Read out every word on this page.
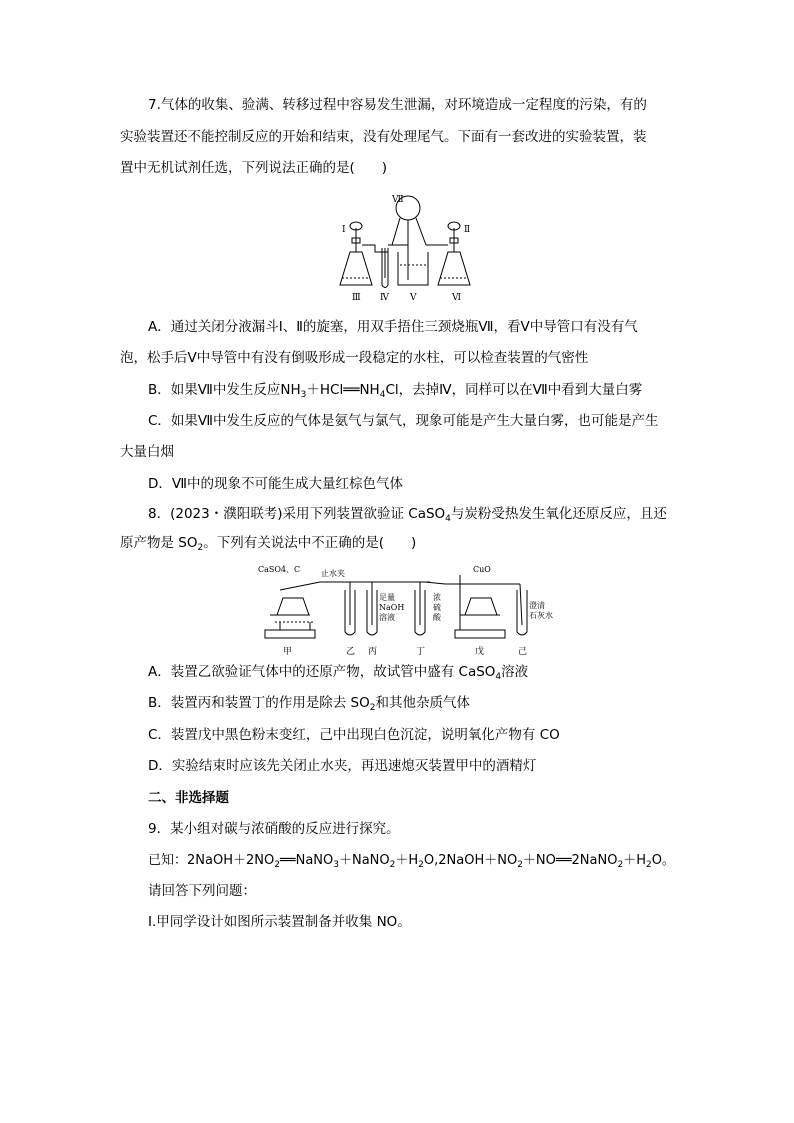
7.气体的收集、验满、转移过程中容易发生泄漏，对环境造成一定程度的污染，有的
实验装置还不能控制反应的开始和结束，没有处理尾气。下面有一套改进的实验装置，装
置中无机试剂任选，下列说法正确的是(　　)
Ⅰ
Ⅶ
Ⅱ
Ⅲ Ⅳ Ⅴ	Ⅵ
A．通过关闭分液漏斗Ⅰ、Ⅱ的旋塞，用双手捂住三颈烧瓶Ⅶ，看Ⅴ中导管口有没有气
泡，松手后Ⅴ中导管中有没有倒吸形成一段稳定的水柱，可以检查装置的气密性
B．如果Ⅶ中发生反应$NH_3+HCl══NH_4Cl$，去掉Ⅳ，同样可以在Ⅶ中看到大量白雾
C．如果Ⅶ中发生反应的气体是氨气与氯气，现象可能是产生大量白雾，也可能是产生
大量白烟
D．Ⅶ中的现象不可能生成大量红棕色气体
8．(2023・濮阳联考)采用下列装置欲验证 CaSO$_4$与炭粉受热发生氧化还原反应，且还
原产物是 $SO_2$。下列有关说法中不正确的是(　　)
CaSO4、C	止水夹
足量
NaOH
溶液
浓
硫
酸
CuO
澄清
石灰水
甲	乙 丙	丁	戊	己
A．装置乙欲验证气体中的还原产物，故试管中盛有 CaSO$_4$溶液
B．装置丙和装置丁的作用是除去 $SO_2$和其他杂质气体
C．装置戊中黑色粉末变红，己中出现白色沉淀，说明氧化产物有 CO
D．实验结束时应该先关闭止水夹，再迅速熄灭装置甲中的酒精灯
二、非选择题
9．某小组对碳与浓硝酸的反应进行探究。
已知：$2NaOH+2NO_2══NaNO_3+NaNO_2+H_2O,2NaOH+NO_2+NO══2NaNO_2+H_2O$。
请回答下列问题：
Ⅰ.甲同学设计如图所示装置制备并收集 NO。
